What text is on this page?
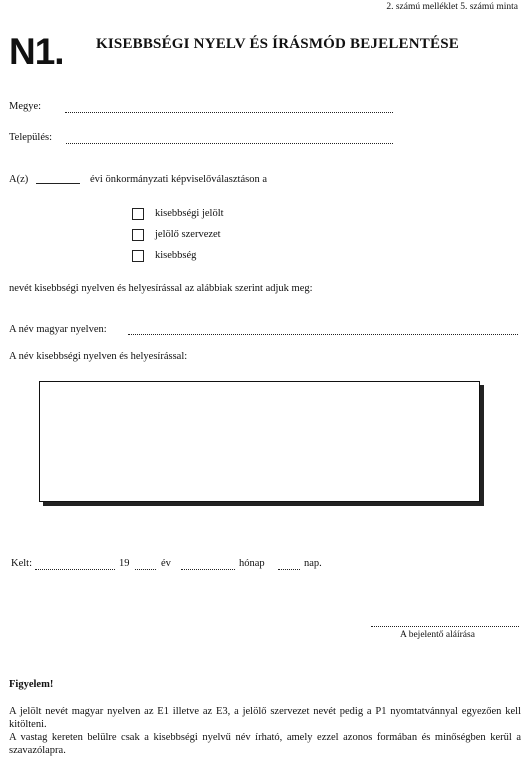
2. számú melléklet 5. számú minta
N1. KISEBBSÉGI NYELV ÉS ÍRÁSMÓD BEJELENTÉSE
Megye:
Település:
A(z)	évi önkormányzati képviselőválasztáson a
kisebbségi jelölt
jelölő szervezet
kisebbség
nevét kisebbségi nyelven és helyesírással az alábbiak szerint adjuk meg:
A név magyar nyelven:
A név kisebbségi nyelven és helyesírással:
Kelt:	19	év	hónap	nap.
A bejelentő aláírása
Figyelem!
A jelölt nevét magyar nyelven az E1 illetve az E3, a jelölő szervezet nevét pedig a P1 nyomtatvánnyal egyezően kell kitölteni.
A vastag kereten belülre csak a kisebbségi nyelvű név írható, amely ezzel azonos formában és minőségben kerül a szavazólapra.
